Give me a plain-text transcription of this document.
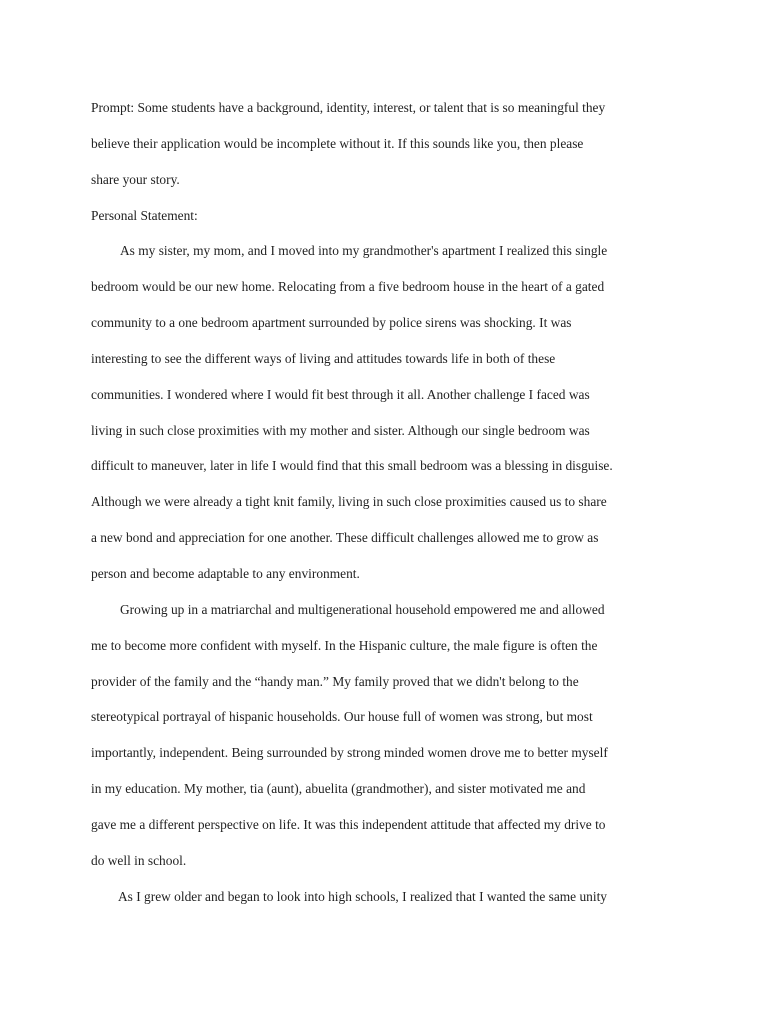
Prompt: Some students have a background, identity, interest, or talent that is so meaningful they
believe their application would be incomplete without it. If this sounds like you, then please
share your story.
Personal Statement:
As my sister, my mom, and I moved into my grandmother's apartment I realized this single
bedroom would be our new home. Relocating from a five bedroom house in the heart of a gated
community to a one bedroom apartment surrounded by police sirens was shocking. It was
interesting to see the different ways of living and attitudes towards life in both of these
communities. I wondered where I would fit best through it all. Another challenge I faced was
living in such close proximities with my mother and sister. Although our single bedroom was
difficult to maneuver, later in life I would find that this small bedroom was a blessing in disguise.
Although we were already a tight knit family, living in such close proximities caused us to share
a new bond and appreciation for one another. These difficult challenges allowed me to grow as
person and become adaptable to any environment.
Growing up in a matriarchal and multigenerational household empowered me and allowed
me to become more confident with myself. In the Hispanic culture, the male figure is often the
provider of the family and the “handy man.” My family proved that we didn't belong to the
stereotypical portrayal of hispanic households. Our house full of women was strong, but most
importantly, independent. Being surrounded by strong minded women drove me to better myself
in my education. My mother, tia (aunt), abuelita (grandmother), and sister motivated me and
gave me a different perspective on life. It was this independent attitude that affected my drive to
do well in school.
As I grew older and began to look into high schools, I realized that I wanted the same unity
